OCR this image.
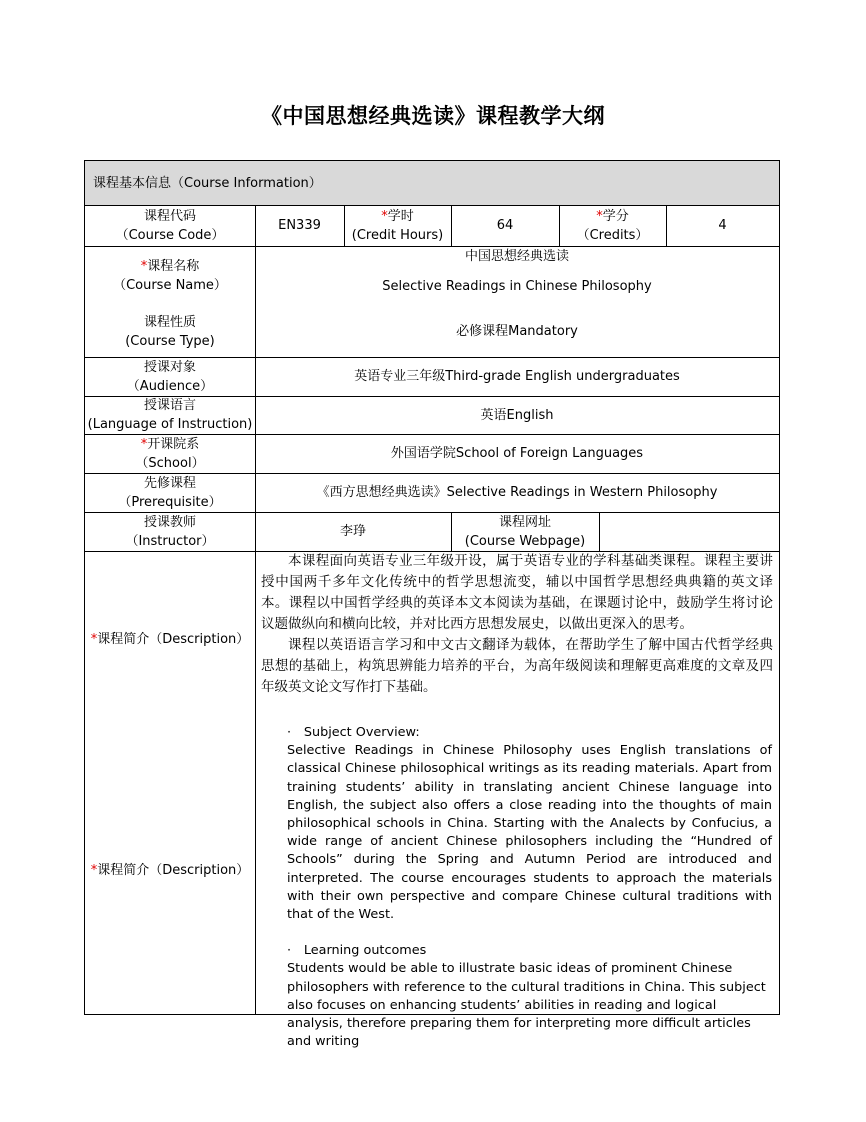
《中国思想经典选读》课程教学大纲
课程基本信息（Course Information）
课程代码
（Course Code）
EN339
*学时
(Credit Hours)
64
*学分
（Credits）
4
*课程名称
（Course Name）
中国思想经典选读
Selective Readings in Chinese Philosophy
课程性质
(Course Type)
必修课程Mandatory
授课对象
（Audience）
英语专业三年级Third-grade English undergraduates
授课语言
(Language of Instruction)
英语English
*开课院系
（School）
外国语学院School of Foreign Languages
先修课程
（Prerequisite）
《西方思想经典选读》Selective Readings in Western Philosophy
授课教师
（Instructor）
李琤
课程网址
(Course Webpage)
*课程简介（Description）
*课程简介（Description）

本课程面向英语专业三年级开设，属于英语专业的学科基础类课程。课程主要讲授中国两千多年文化传统中的哲学思想流变，辅以中国哲学思想经典典籍的英文译本。课程以中国哲学经典的英译本文本阅读为基础，在课题讨论中，鼓励学生将讨论议题做纵向和横向比较，并对比西方思想发展史，以做出更深入的思考。

课程以英语语言学习和中文古文翻译为载体，在帮助学生了解中国古代哲学经典思想的基础上，构筑思辨能力培养的平台，为高年级阅读和理解更高难度的文章及四年级英文论文写作打下基础。

·　Subject Overview:

Selective Readings in Chinese Philosophy uses English translations of classical Chinese philosophical writings as its reading materials. Apart from training students’ ability in translating ancient Chinese language into English, the subject also offers a close reading into the thoughts of main philosophical schools in China. Starting with the Analects by Confucius, a wide range of ancient Chinese philosophers including the “Hundred of Schools” during the Spring and Autumn Period are introduced and interpreted. The course encourages students to approach the materials with their own perspective and compare Chinese cultural traditions with that of the West.

·　Learning outcomes

Students would be able to illustrate basic ideas of prominent Chinese philosophers with reference to the cultural traditions in China. This subject also focuses on enhancing students’ abilities in reading and logical analysis, therefore preparing them for interpreting more difficult articles and writing
